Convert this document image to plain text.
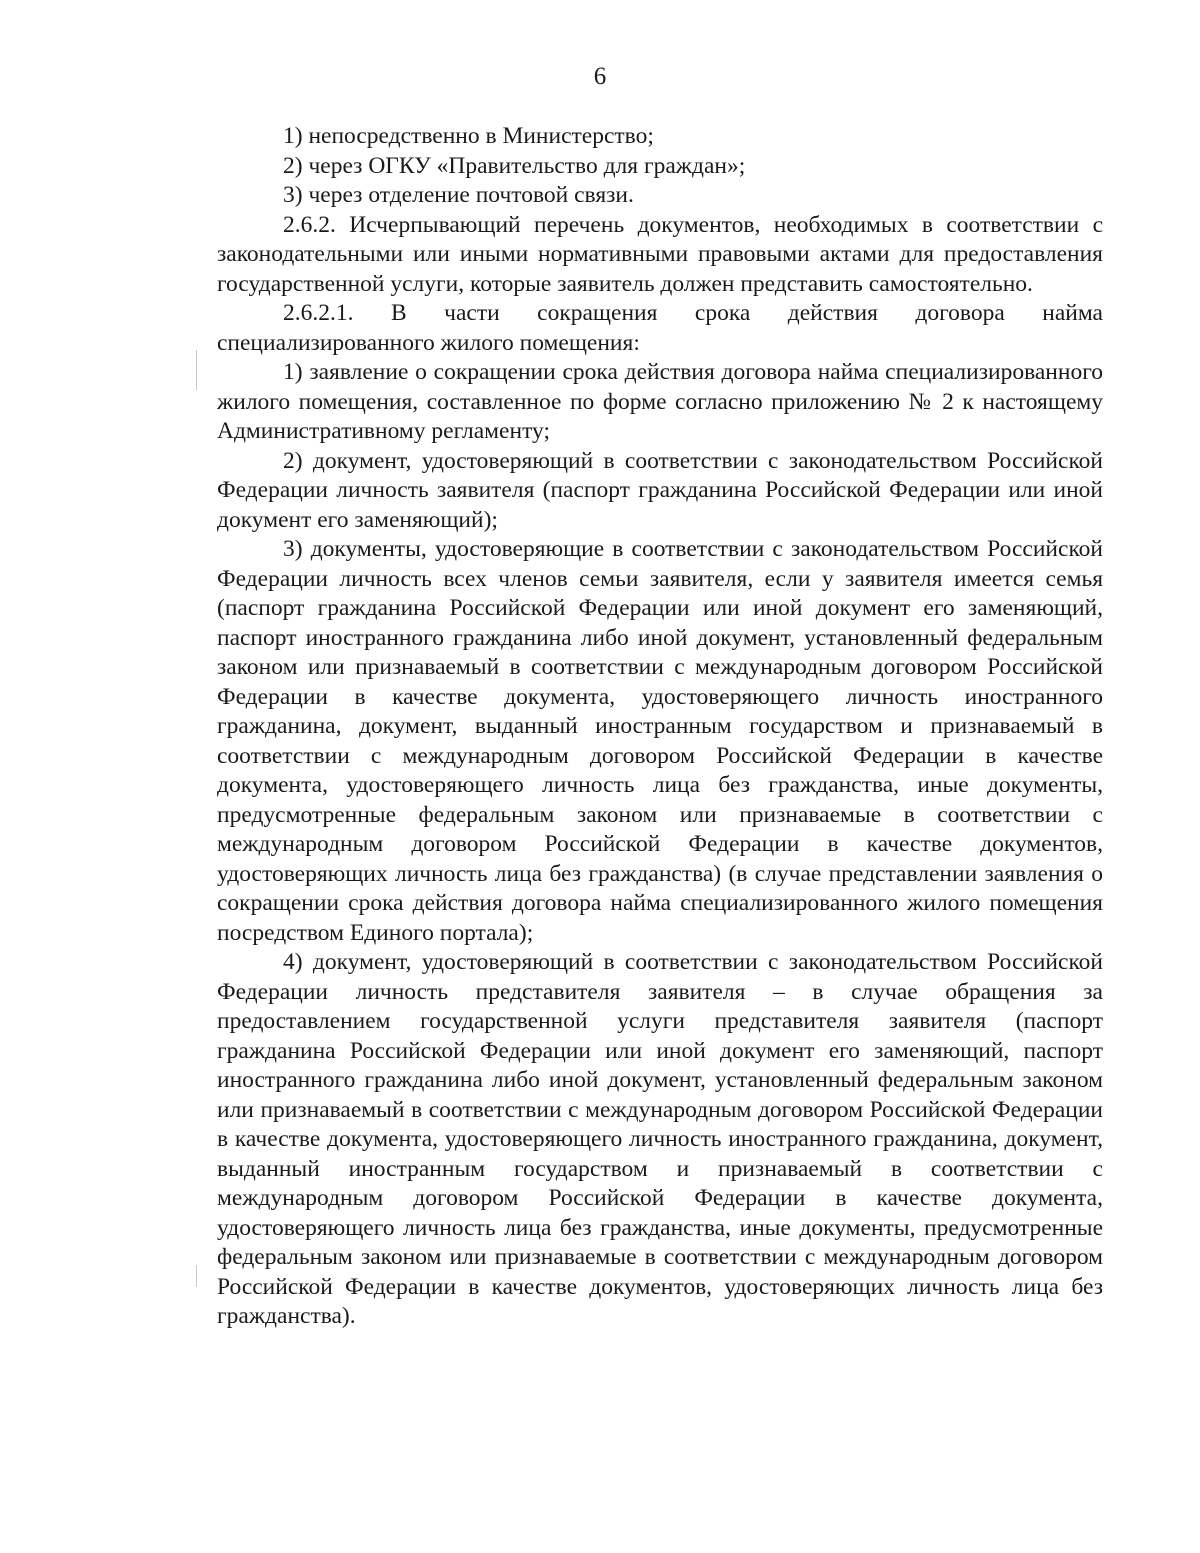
6

1) непосредственно в Министерство;

2) через ОГКУ «Правительство для граждан»;

3) через отделение почтовой связи.

2.6.2. Исчерпывающий перечень документов, необходимых в соответствии с законодательными или иными нормативными правовыми актами для предоставления государственной услуги, которые заявитель должен представить самостоятельно.

2.6.2.1. В части сокращения срока действия договора найма специализированного жилого помещения:

1) заявление о сокращении срока действия договора найма специализированного жилого помещения, составленное по форме согласно приложению № 2 к настоящему Административному регламенту;

2) документ, удостоверяющий в соответствии с законодательством Российской Федерации личность заявителя (паспорт гражданина Российской Федерации или иной документ его заменяющий);

3) документы, удостоверяющие в соответствии с законодательством Российской Федерации личность всех членов семьи заявителя, если у заявителя имеется семья (паспорт гражданина Российской Федерации или иной документ его заменяющий, паспорт иностранного гражданина либо иной документ, установленный федеральным законом или признаваемый в соответствии с международным договором Российской Федерации в качестве документа, удостоверяющего личность иностранного гражданина, документ, выданный иностранным государством и признаваемый в соответствии с международным договором Российской Федерации в качестве документа, удостоверяющего личность лица без гражданства, иные документы, предусмотренные федеральным законом или признаваемые в соответствии с международным договором Российской Федерации в качестве документов, удостоверяющих личность лица без гражданства) (в случае представлении заявления о сокращении срока действия договора найма специализированного жилого помещения посредством Единого портала);

4) документ, удостоверяющий в соответствии с законодательством Российской Федерации личность представителя заявителя – в случае обращения за предоставлением государственной услуги представителя заявителя (паспорт гражданина Российской Федерации или иной документ его заменяющий, паспорт иностранного гражданина либо иной документ, установленный федеральным законом или признаваемый в соответствии с международным договором Российской Федерации в качестве документа, удостоверяющего личность иностранного гражданина, документ, выданный иностранным государством и признаваемый в соответствии с международным договором Российской Федерации в качестве документа, удостоверяющего личность лица без гражданства, иные документы, предусмотренные федеральным законом или признаваемые в соответствии с международным договором Российской Федерации в качестве документов, удостоверяющих личность лица без гражданства).
